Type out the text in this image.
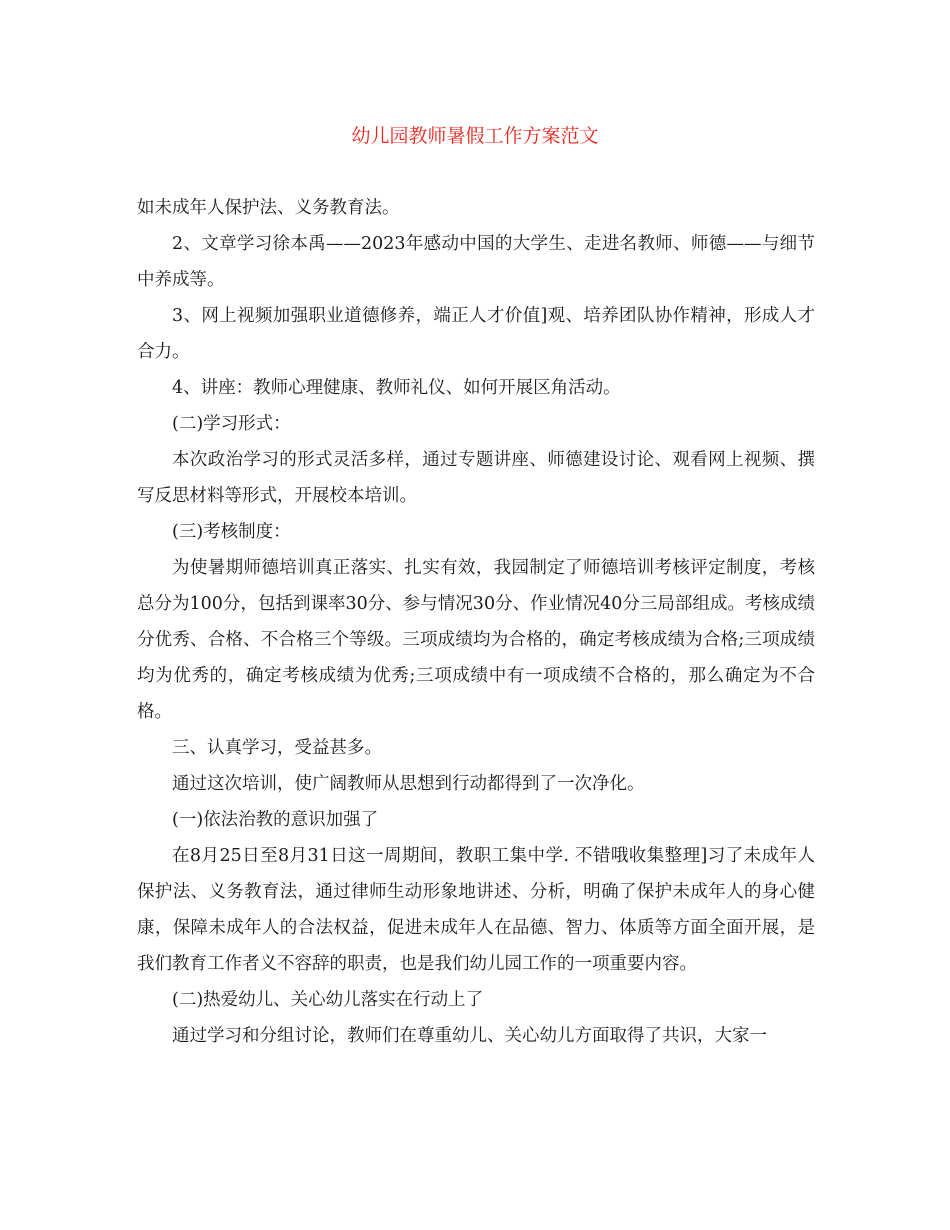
幼儿园教师暑假工作方案范文

如未成年人保护法、义务教育法。

2、文章学习徐本禹——2023年感动中国的大学生、走进名教师、师德——与细节中养成等。

3、网上视频加强职业道德修养，端正人才价值]观、培养团队协作精神，形成人才合力。

4、讲座：教师心理健康、教师礼仪、如何开展区角活动。

(二)学习形式：

本次政治学习的形式灵活多样，通过专题讲座、师德建设讨论、观看网上视频、撰写反思材料等形式，开展校本培训。

(三)考核制度：

为使暑期师德培训真正落实、扎实有效，我园制定了师德培训考核评定制度，考核总分为100分，包括到课率30分、参与情况30分、作业情况40分三局部组成。考核成绩分优秀、合格、不合格三个等级。三项成绩均为合格的，确定考核成绩为合格;三项成绩均为优秀的，确定考核成绩为优秀;三项成绩中有一项成绩不合格的，那么确定为不合格。

三、认真学习，受益甚多。

通过这次培训，使广阔教师从思想到行动都得到了一次净化。

(一)依法治教的意识加强了

在8月25日至8月31日这一周期间，教职工集中学. 不错哦收集整理]习了未成年人保护法、义务教育法，通过律师生动形象地讲述、分析，明确了保护未成年人的身心健康，保障未成年人的合法权益，促进未成年人在品德、智力、体质等方面全面开展，是我们教育工作者义不容辞的职责，也是我们幼儿园工作的一项重要内容。

(二)热爱幼儿、关心幼儿落实在行动上了

通过学习和分组讨论，教师们在尊重幼儿、关心幼儿方面取得了共识，大家一
